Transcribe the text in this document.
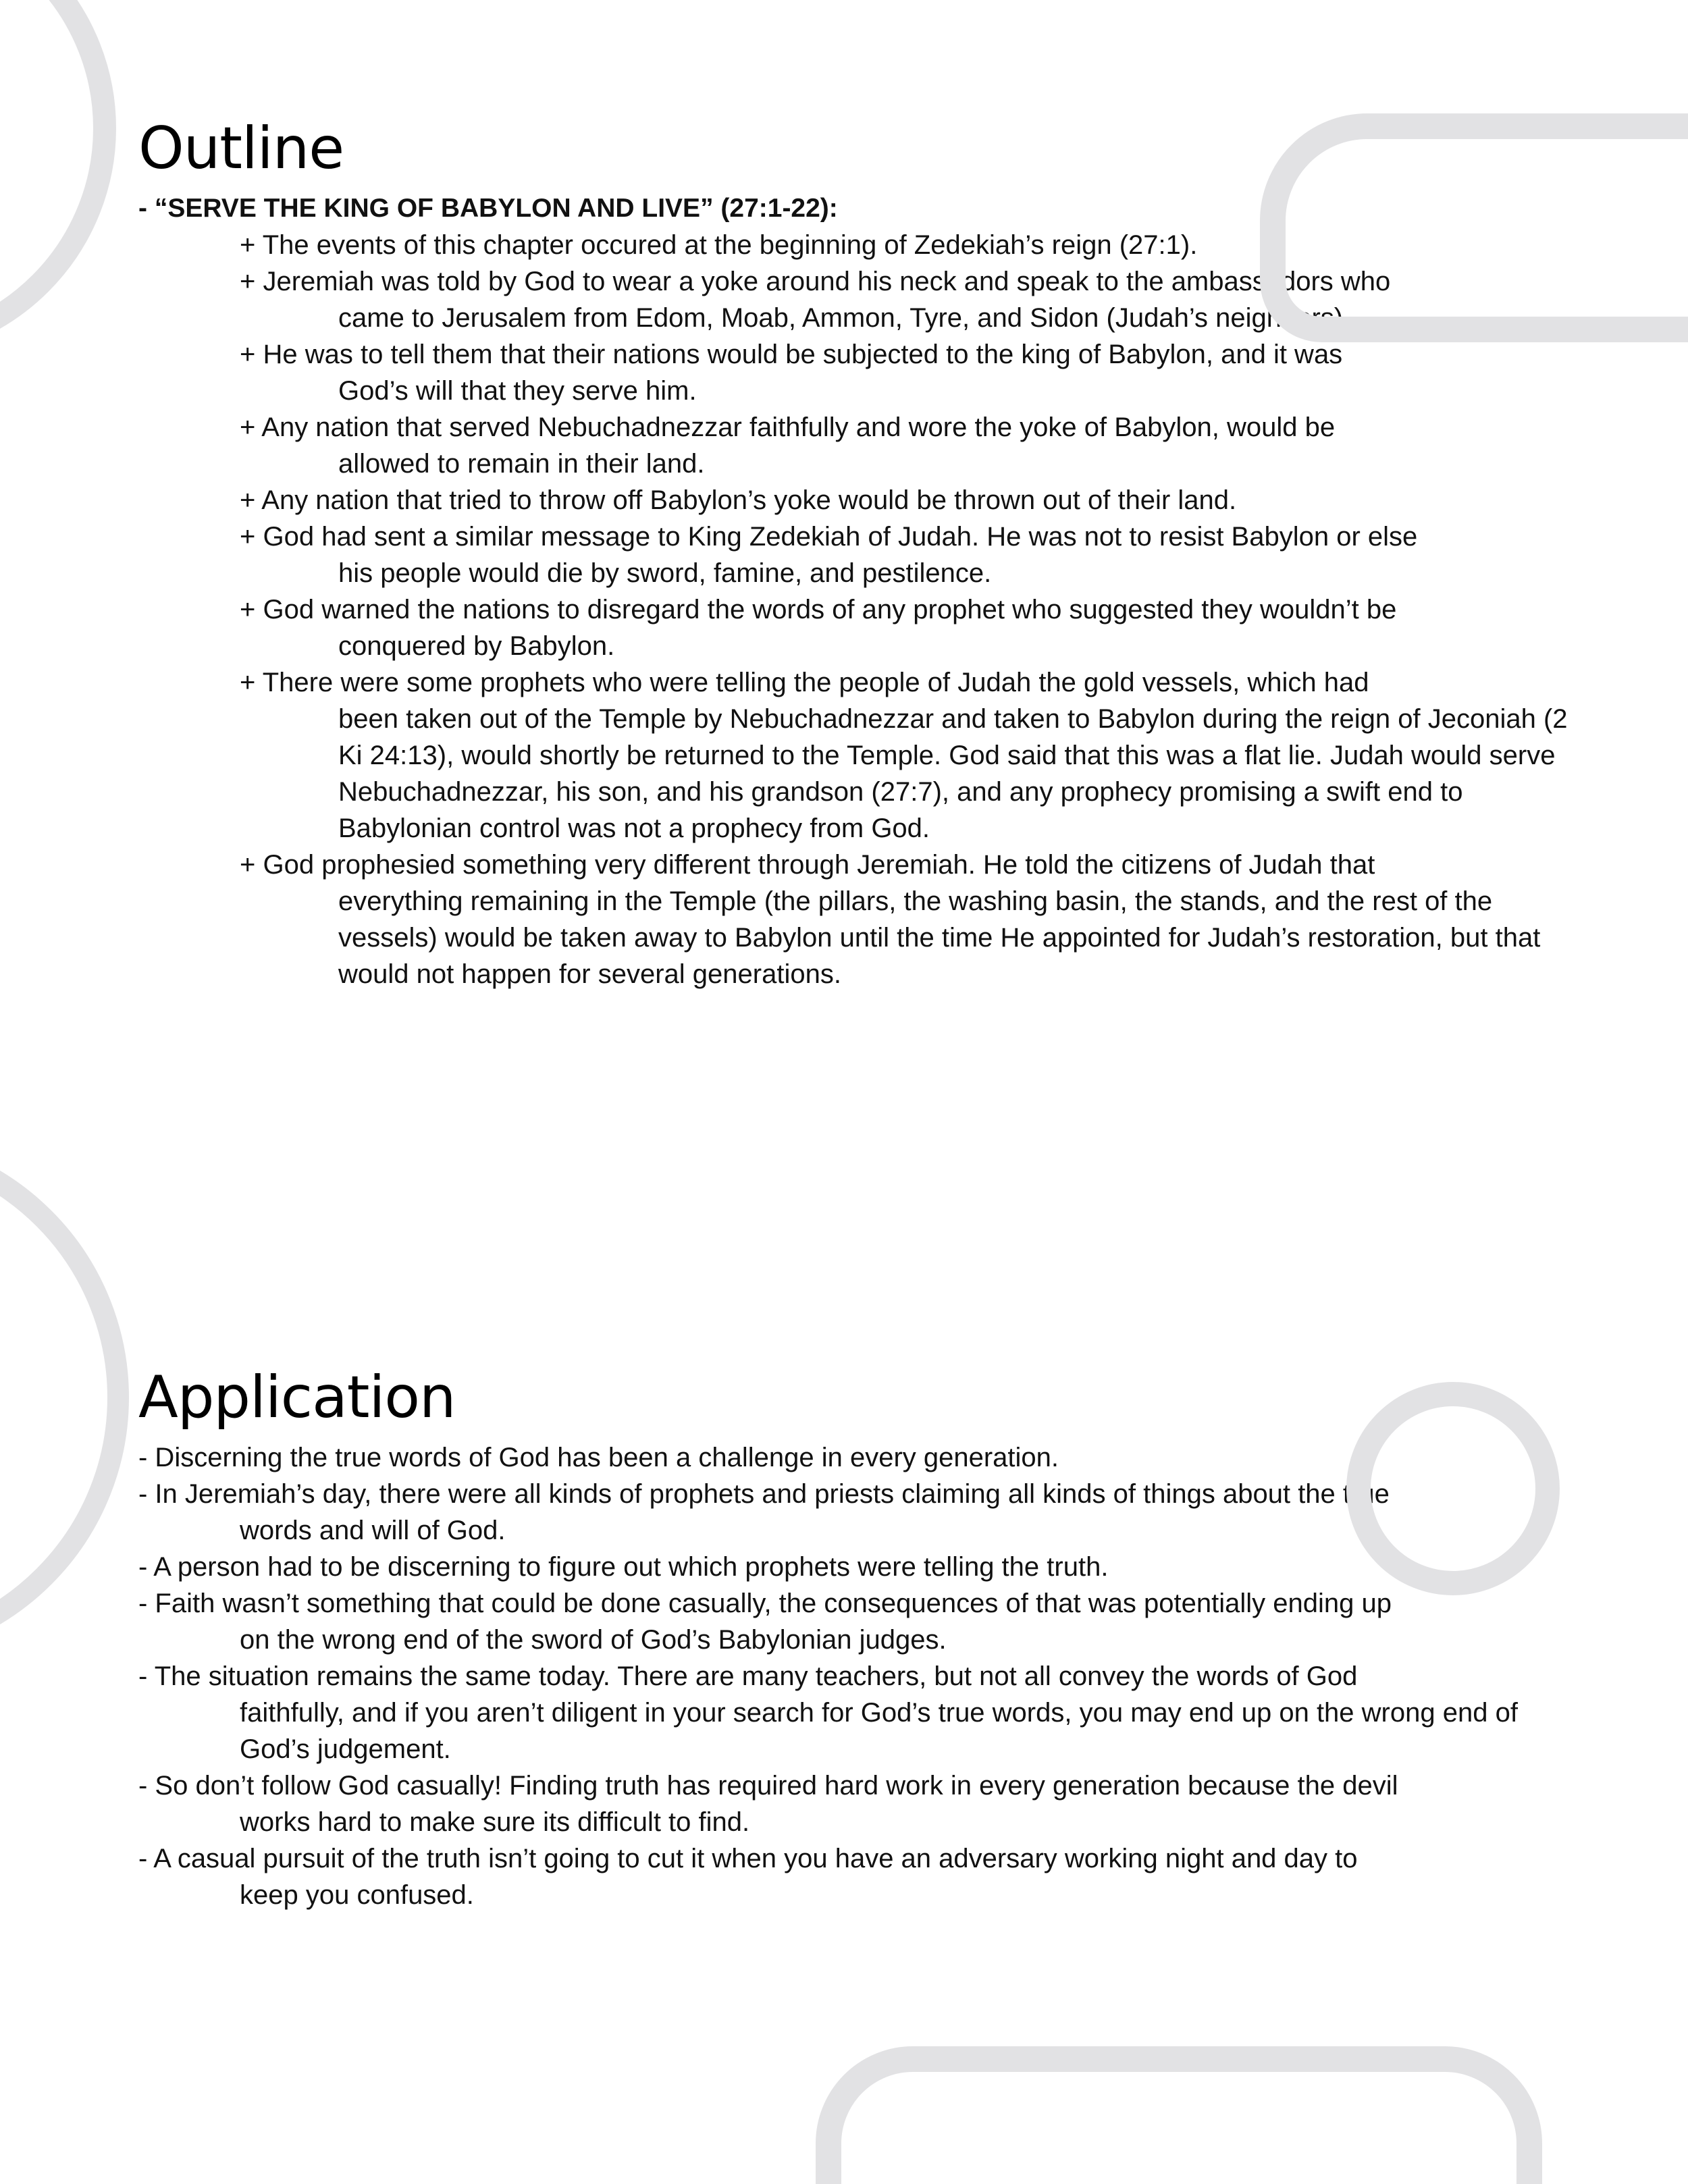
Outline

- “SERVE THE KING OF BABYLON AND LIVE” (27:1-22):

+ The events of this chapter occured at the beginning of Zedekiah’s reign (27:1).
+ Jeremiah was told by God to wear a yoke around his neck and speak to the ambassadors who
came to Jerusalem from Edom, Moab, Ammon, Tyre, and Sidon (Judah’s neighbors).
+ He was to tell them that their nations would be subjected to the king of Babylon, and it was
God’s will that they serve him.
+ Any nation that served Nebuchadnezzar faithfully and wore the yoke of Babylon, would be
allowed to remain in their land.
+ Any nation that tried to throw off Babylon’s yoke would be thrown out of their land.
+ God had sent a similar message to King Zedekiah of Judah. He was not to resist Babylon or else
his people would die by sword, famine, and pestilence.
+ God warned the nations to disregard the words of any prophet who suggested they wouldn’t be
conquered by Babylon.
+ There were some prophets who were telling the people of Judah the gold vessels, which had
been taken out of the Temple by Nebuchadnezzar and taken to Babylon during the reign of Jeconiah (2 Ki 24:13), would shortly be returned to the Temple. God said that this was a flat lie. Judah would serve Nebuchadnezzar, his son, and his grandson (27:7), and any prophecy promising a swift end to Babylonian control was not a prophecy from God.
+ God prophesied something very different through Jeremiah. He told the citizens of Judah that
everything remaining in the Temple (the pillars, the washing basin, the stands, and the rest of the vessels) would be taken away to Babylon until the time He appointed for Judah’s restoration, but that would not happen for several generations.
Application
- Discerning the true words of God has been a challenge in every generation.
- In Jeremiah’s day, there were all kinds of prophets and priests claiming all kinds of things about the true
words and will of God.
- A person had to be discerning to figure out which prophets were telling the truth.
- Faith wasn’t something that could be done casually, the consequences of that was potentially ending up
on the wrong end of the sword of God’s Babylonian judges.
- The situation remains the same today. There are many teachers, but not all convey the words of God
faithfully, and if you aren’t diligent in your search for God’s true words, you may end up on the wrong end of God’s judgement.
- So don’t follow God casually! Finding truth has required hard work in every generation because the devil
works hard to make sure its difficult to find.
- A casual pursuit of the truth isn’t going to cut it when you have an adversary working night and day to
keep you confused.
